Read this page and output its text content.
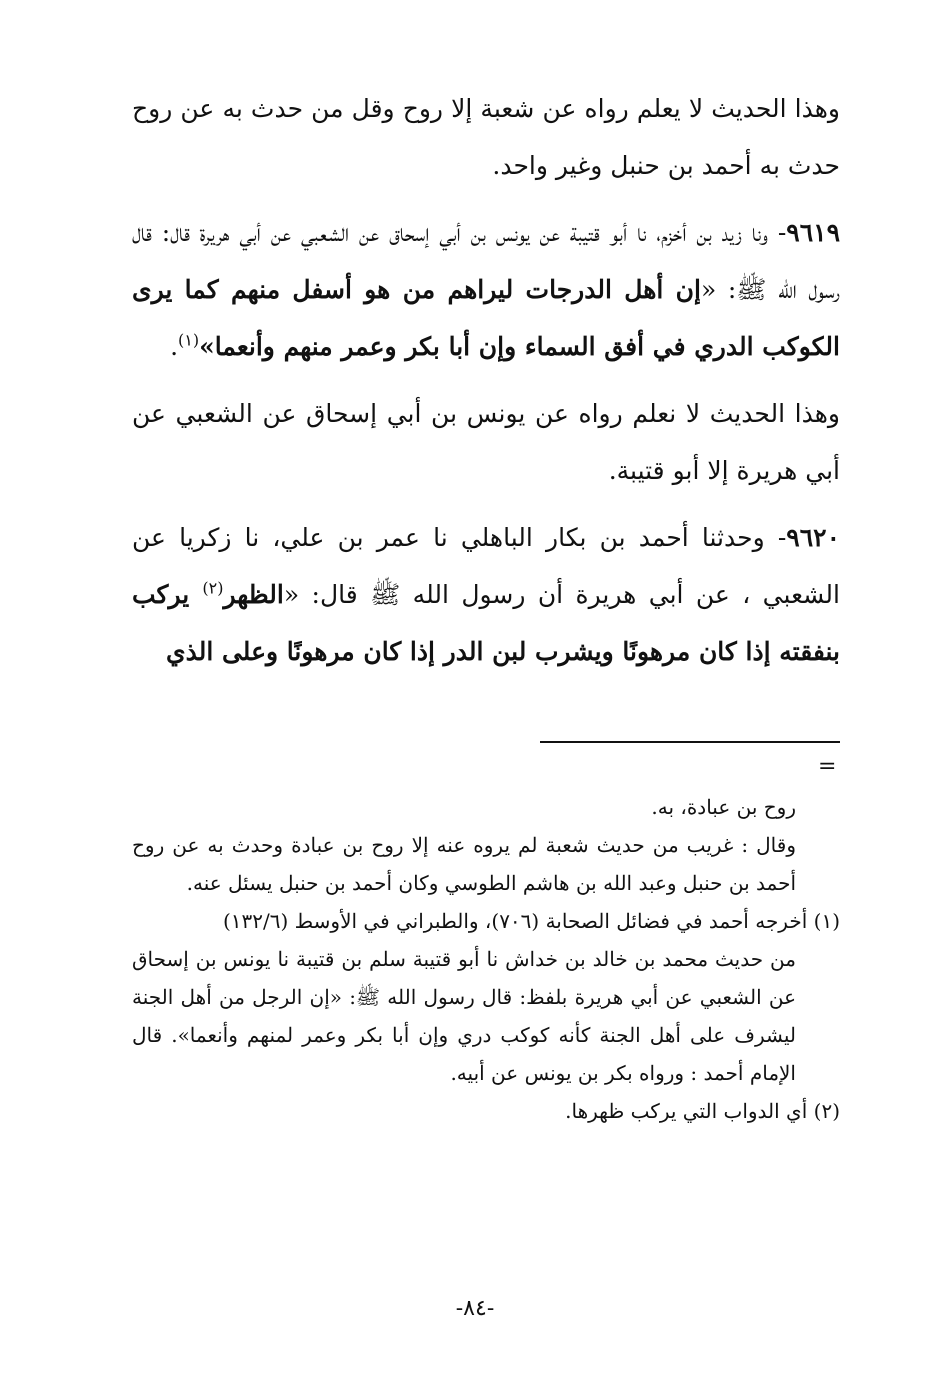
وهذا الحديث لا يعلم رواه عن شعبة إلا روح وقل من حدث به عن روح حدث به أحمد بن حنبل وغير واحد.

٩٦١٩- ونا زيد بن أخزم، نا أبو قتيبة عن يونس بن أبي إسحاق عن الشعبي عن أبي هريرة قال: قال رسول الله ﷺ: «إن أهل الدرجات ليراهم من هو أسفل منهم كما يرى الكوكب الدري في أفق السماء وإن أبا بكر وعمر منهم وأنعما»$^{(١)}$.

وهذا الحديث لا نعلم رواه عن يونس بن أبي إسحاق عن الشعبي عن أبي هريرة إلا أبو قتيبة.

٩٦٢٠- وحدثنا أحمد بن بكار الباهلي نا عمر بن علي، نا زكريا عن الشعبي ، عن أبي هريرة أن رسول الله ﷺ قال: «الظهر$^{(٢)}$ يركب بنفقته إذا كان مرهونًا ويشرب لبن الدر إذا كان مرهونًا وعلى الذي

=

روح بن عبادة، به.

وقال : غريب من حديث شعبة لم يروه عنه إلا روح بن عبادة وحدث به عن روح أحمد بن حنبل وعبد الله بن هاشم الطوسي وكان أحمد بن حنبل يسئل عنه.

(١) أخرجه أحمد في فضائل الصحابة (٧٠٦)، والطبراني في الأوسط (١٣٢/٦)

من حديث محمد بن خالد بن خداش نا أبو قتيبة سلم بن قتيبة نا يونس بن إسحاق عن الشعبي عن أبي هريرة بلفظ: قال رسول الله ﷺ: «إن الرجل من أهل الجنة ليشرف على أهل الجنة كأنه كوكب دري وإن أبا بكر وعمر لمنهم وأنعما». قال الإمام أحمد : ورواه بكر بن يونس عن أبيه.

(٢) أي الدواب التي يركب ظهرها.

-٨٤-
